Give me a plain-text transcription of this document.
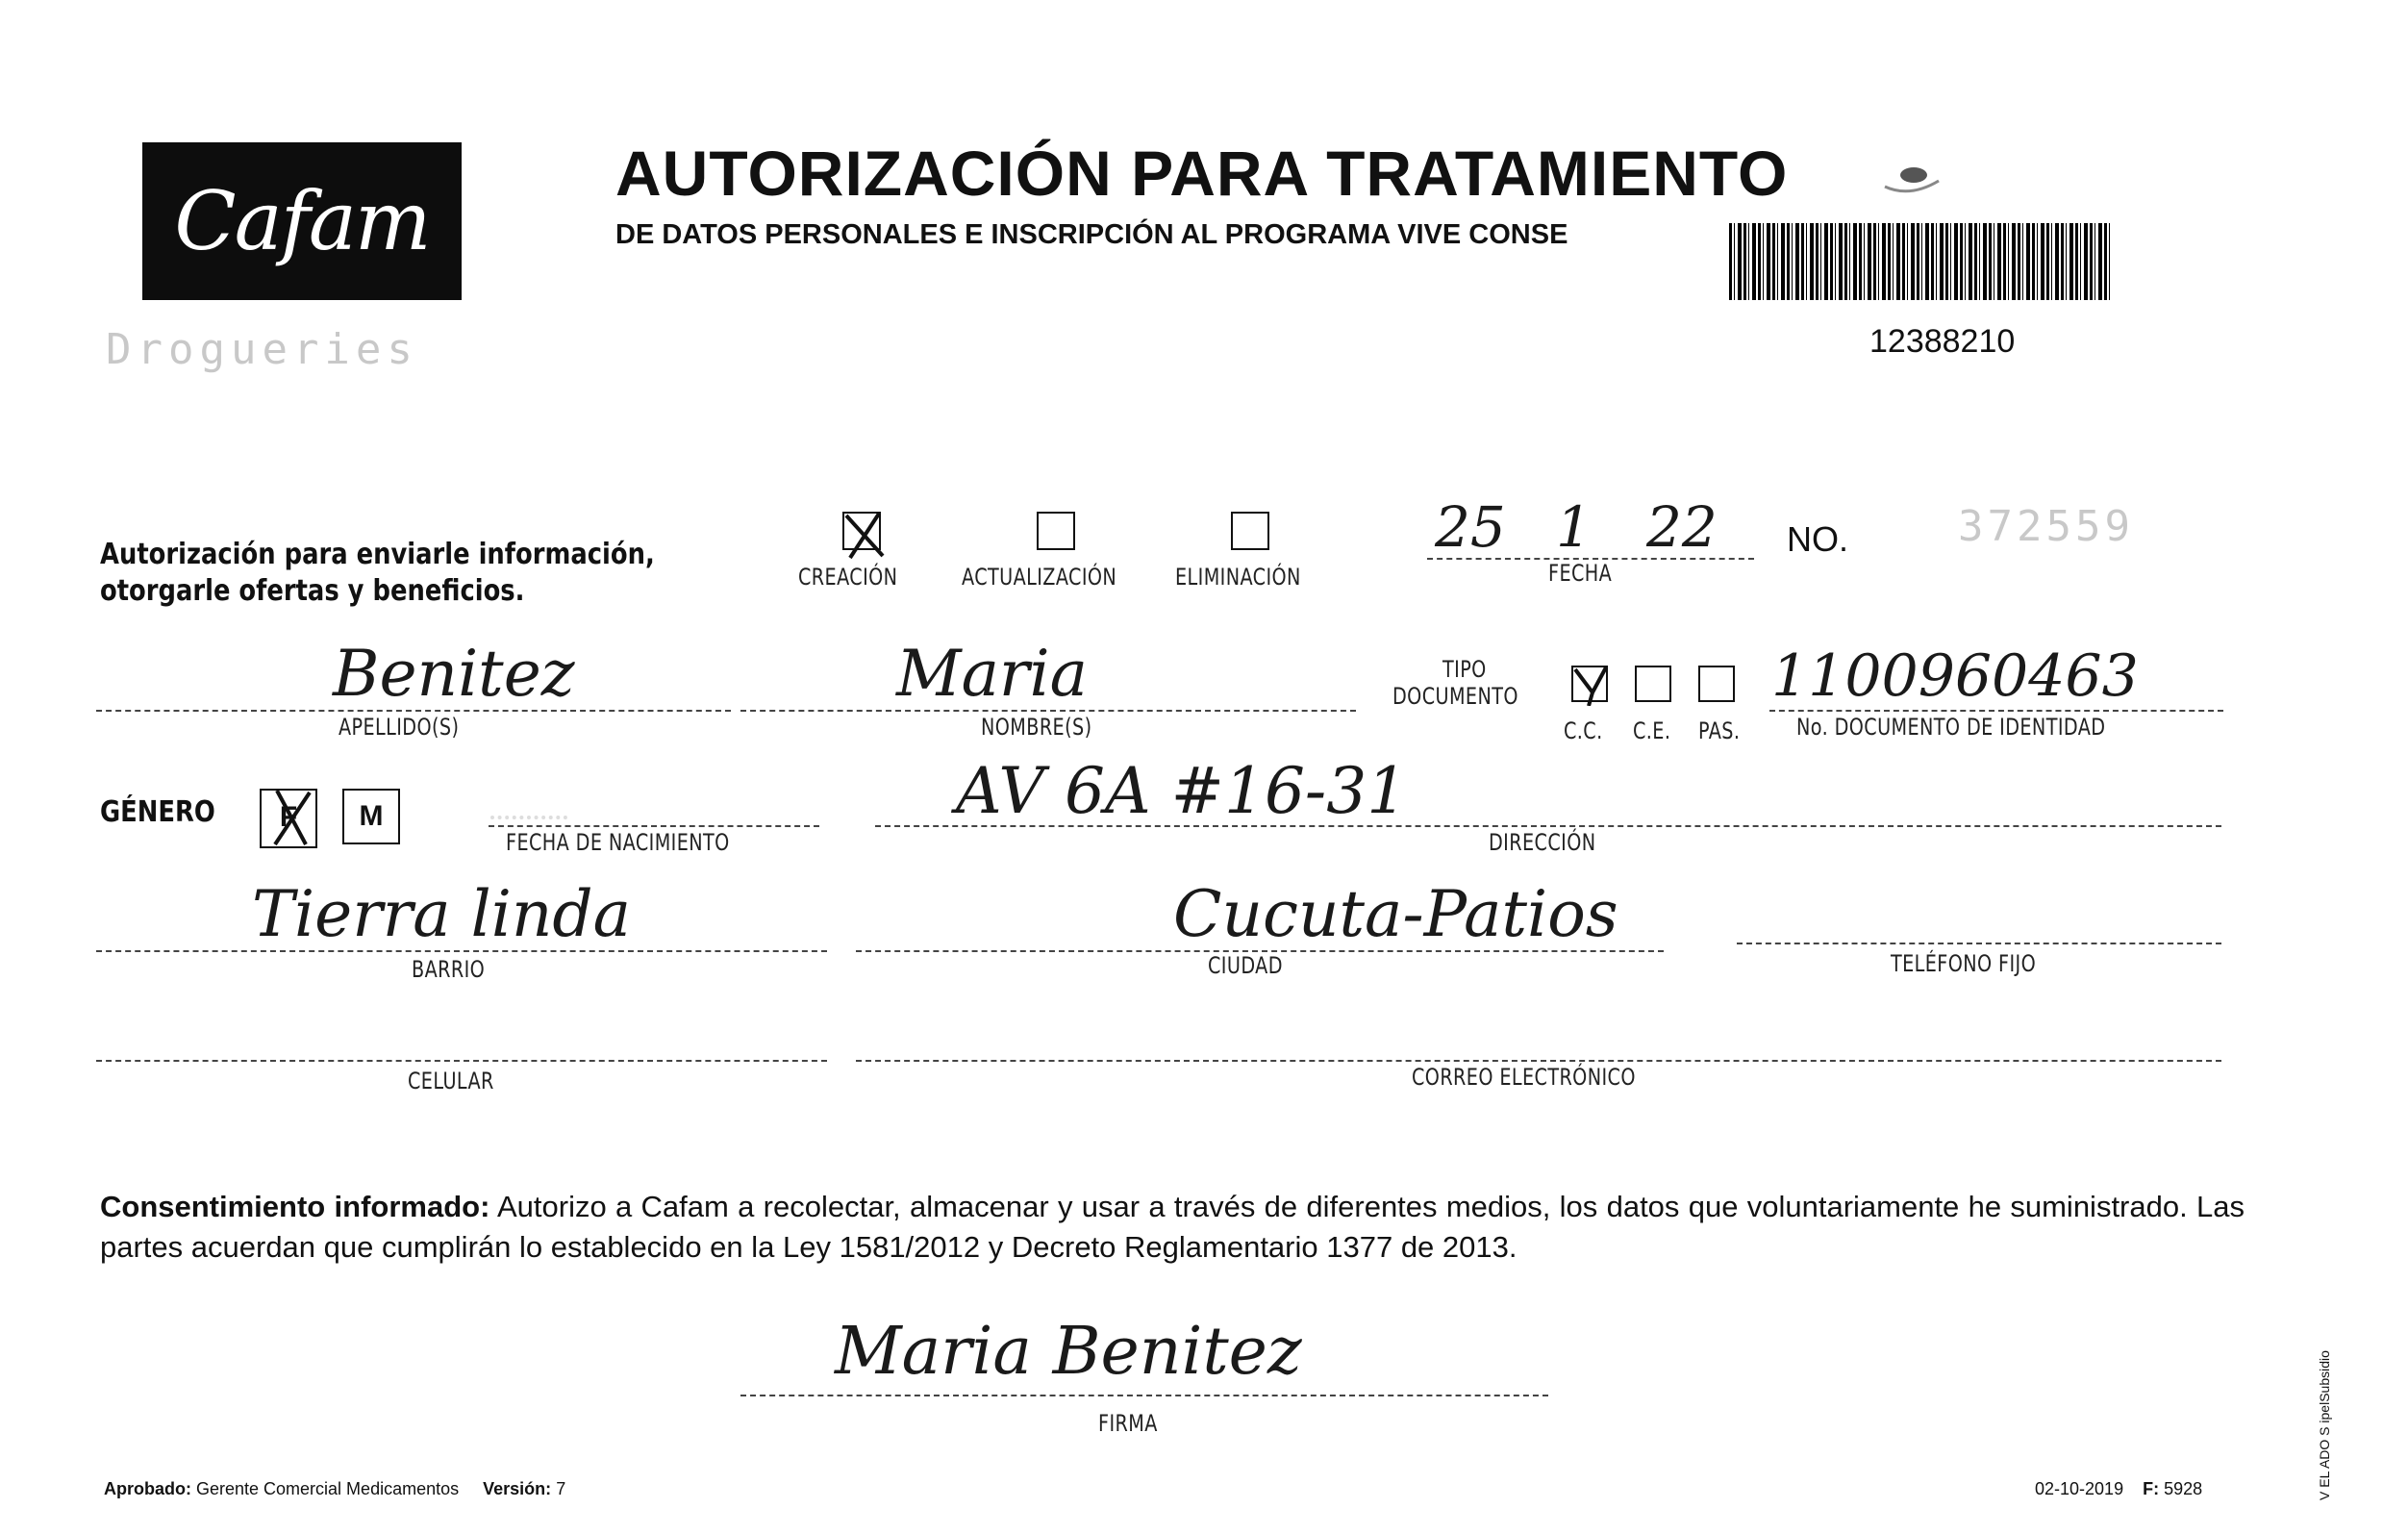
Cafam
Drogueries
AUTORIZACIÓN PARA TRATAMIENTO
DE DATOS PERSONALES E INSCRIPCIÓN AL PROGRAMA VIVE CONSE
12388210
Autorización para enviarle información,
otorgarle ofertas y beneficios.	CREACIÓN	ACTUALIZACIÓN	ELIMINACIÓN
25 1 22
FECHA
NO.	372559
Benitez
APELLIDO(S)
Maria
NOMBRE(S)
TIPO
DOCUMENTO
C.C. C.E. PAS.
1100960463
No. DOCUMENTO DE IDENTIDAD
GÉNERO	F	M
FECHA DE NACIMIENTO
AV 6A #16-31
DIRECCIÓN
Tierra linda
BARRIO
Cucuta-Patios
CIUDAD	TELÉFONO FIJO
CELULAR	CORREO ELECTRÓNICO
Consentimiento informado: Autorizo a Cafam a recolectar, almacenar y usar a través de diferentes medios, los datos que voluntariamente he suministrado. Las partes acuerdan que cumplirán lo establecido en la Ley 1581/2012 y Decreto Reglamentario 1377 de 2013.
Maria Benitez
FIRMA
Aprobado: Gerente Comercial Medicamentos Versión: 7	02-10-2019 F: 5928	V EL ADO S ipelSubsidio
